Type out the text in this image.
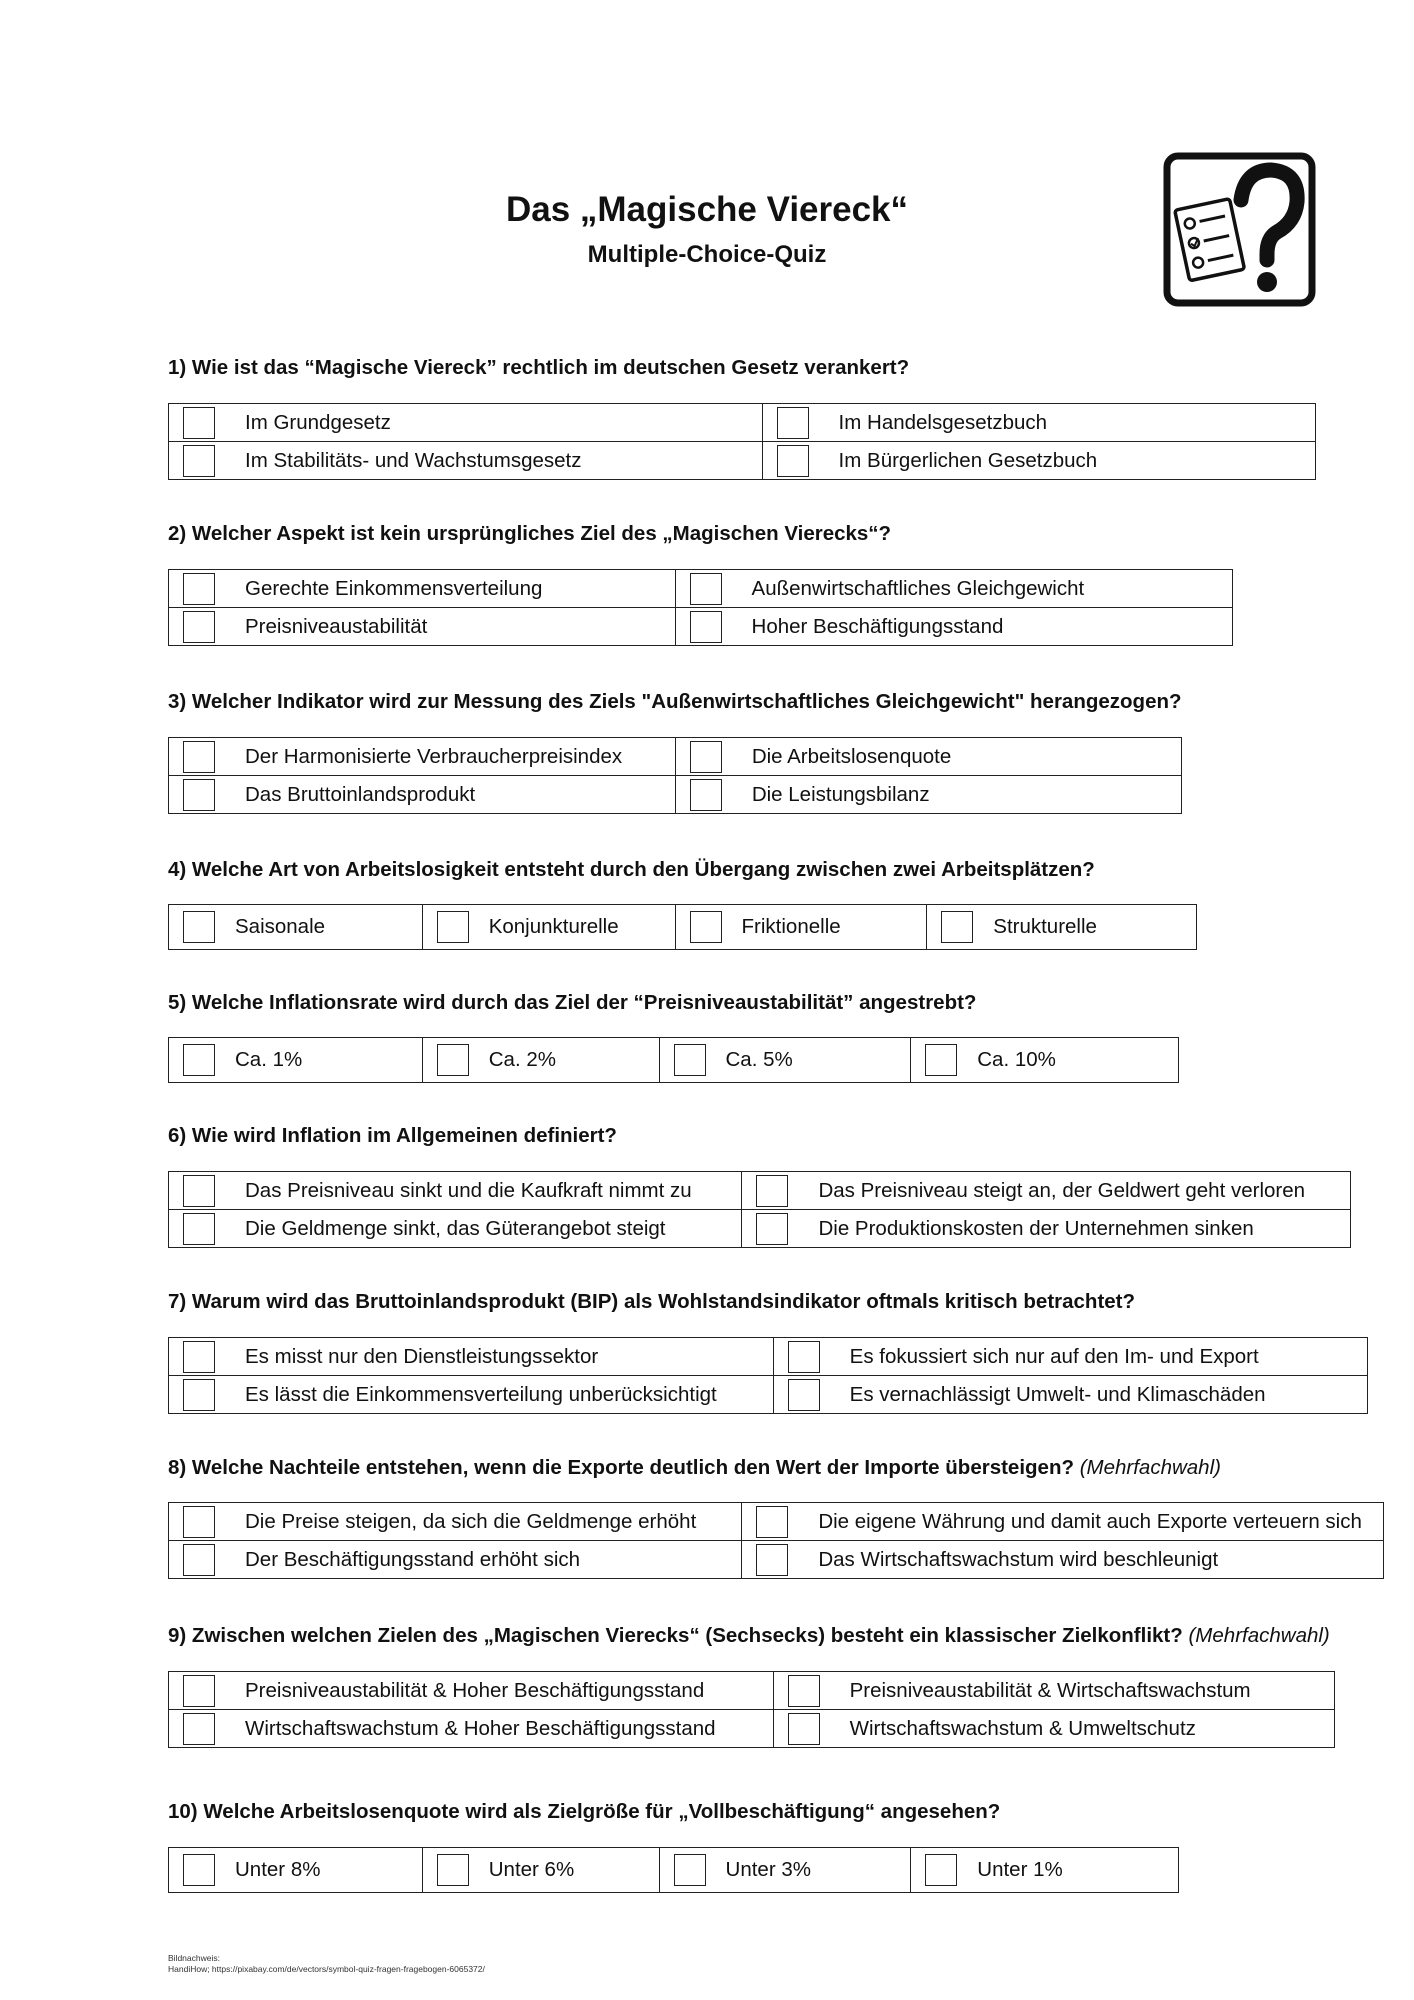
Das „Magische Viereck“
Multiple-Choice-Quiz
1) Wie ist das “Magische Viereck” rechtlich im deutschen Gesetz verankert?
Im Grundgesetz	Im Handelsgesetzbuch

Im Stabilitäts- und Wachstumsgesetz	Im Bürgerlichen Gesetzbuch
2) Welcher Aspekt ist kein ursprüngliches Ziel des „Magischen Vierecks“?
Gerechte Einkommensverteilung	Außenwirtschaftliches Gleichgewicht

Preisniveaustabilität	Hoher Beschäftigungsstand
3) Welcher Indikator wird zur Messung des Ziels "Außenwirtschaftliches Gleichgewicht" herangezogen?
Der Harmonisierte Verbraucherpreisindex	Die Arbeitslosenquote

Das Bruttoinlandsprodukt	Die Leistungsbilanz
4) Welche Art von Arbeitslosigkeit entsteht durch den Übergang zwischen zwei Arbeitsplätzen?
Saisonale	Konjunkturelle	Friktionelle	Strukturelle
5) Welche Inflationsrate wird durch das Ziel der “Preisniveaustabilität” angestrebt?
Ca. 1%	Ca. 2%	Ca. 5%	Ca. 10%
6) Wie wird Inflation im Allgemeinen definiert?
Das Preisniveau sinkt und die Kaufkraft nimmt zu	Das Preisniveau steigt an, der Geldwert geht verloren

Die Geldmenge sinkt, das Güterangebot steigt	Die Produktionskosten der Unternehmen sinken
7) Warum wird das Bruttoinlandsprodukt (BIP) als Wohlstandsindikator oftmals kritisch betrachtet?
Es misst nur den Dienstleistungssektor	Es fokussiert sich nur auf den Im- und Export

Es lässt die Einkommensverteilung unberücksichtigt	Es vernachlässigt Umwelt- und Klimaschäden
8) Welche Nachteile entstehen, wenn die Exporte deutlich den Wert der Importe übersteigen? (Mehrfachwahl)
Die Preise steigen, da sich die Geldmenge erhöht	Die eigene Währung und damit auch Exporte verteuern sich

Der Beschäftigungsstand erhöht sich	Das Wirtschaftswachstum wird beschleunigt
9) Zwischen welchen Zielen des „Magischen Vierecks“ (Sechsecks) besteht ein klassischer Zielkonflikt? (Mehrfachwahl)
Preisniveaustabilität & Hoher Beschäftigungsstand	Preisniveaustabilität & Wirtschaftswachstum

Wirtschaftswachstum & Hoher Beschäftigungsstand	Wirtschaftswachstum & Umweltschutz
10) Welche Arbeitslosenquote wird als Zielgröße für „Vollbeschäftigung“ angesehen?
Unter 8%	Unter 6%	Unter 3%	Unter 1%
Bildnachweis:
HandiHow; https://pixabay.com/de/vectors/symbol-quiz-fragen-fragebogen-6065372/
